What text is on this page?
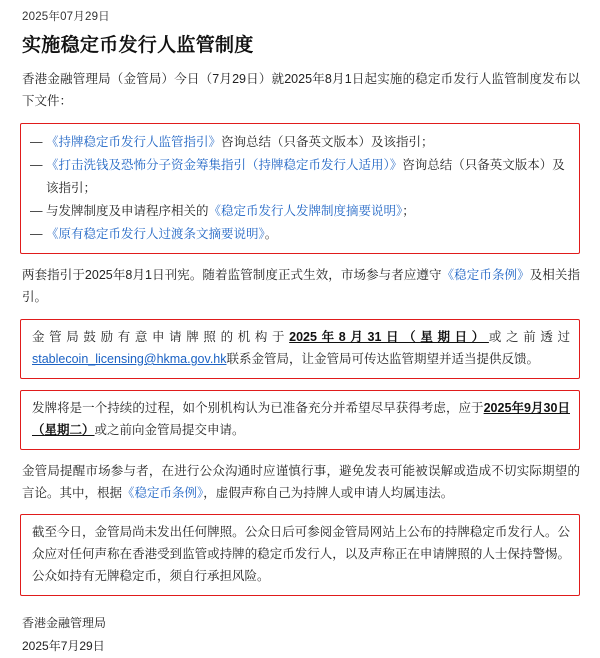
2025年07月29日
实施稳定币发行人监管制度

香港金融管理局（金管局）今日（7月29日）就2025年8月1日起实施的稳定币发行人监管制度发布以下文件：

— 《持牌稳定币发行人监管指引》咨询总结（只备英文版本）及该指引；
— 《打击洗钱及恐怖分子资金筹集指引（持牌稳定币发行人适用）》咨询总结（只备英文版本）及该指引；
— 与发牌制度及申请程序相关的《稳定币发行人发牌制度摘要说明》；
— 《原有稳定币发行人过渡条文摘要说明》。

两套指引于2025年8月1日刊宪。随着监管制度正式生效，市场参与者应遵守《稳定币条例》及相关指引。

金管局鼓励有意申请牌照的机构于2025年8月31日（星期日）或之前透过stablecoin_licensing@hkma.gov.hk联系金管局，让金管局可传达监管期望并适当提供反馈。

发牌将是一个持续的过程，如个别机构认为已准备充分并希望尽早获得考虑，应于2025年9月30日（星期二）或之前向金管局提交申请。

金管局提醒市场参与者，在进行公众沟通时应谨慎行事，避免发表可能被误解或造成不切实际期望的言论。其中，根据《稳定币条例》，虚假声称自己为持牌人或申请人均属违法。

截至今日，金管局尚未发出任何牌照。公众日后可参阅金管局网站上公布的持牌稳定币发行人。公众应对任何声称在香港受到监管或持牌的稳定币发行人，以及声称正在申请牌照的人士保持警惕。公众如持有无牌稳定币，须自行承担风险。

香港金融管理局
2025年7月29日
